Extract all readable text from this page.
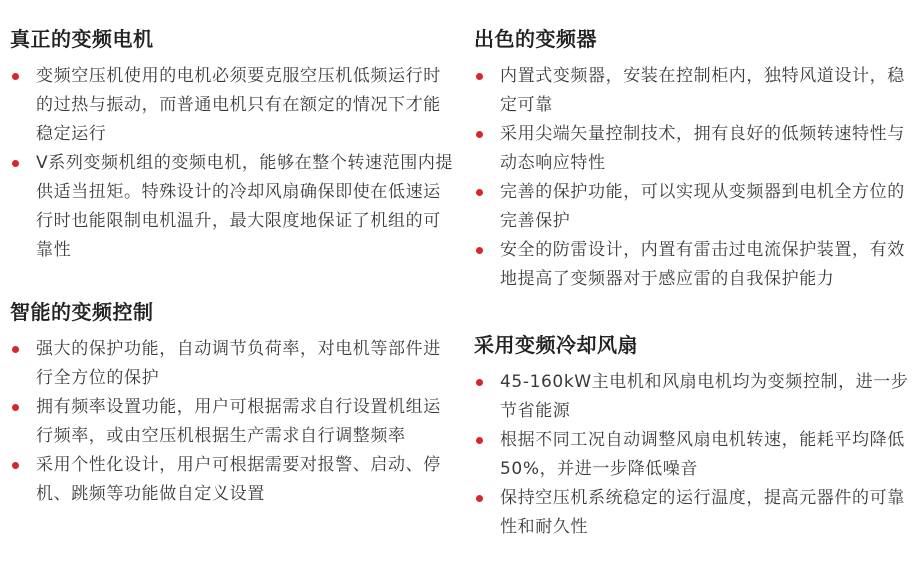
真正的变频电机
变频空压机使用的电机必须要克服空压机低频运行时的过热与振动，而普通电机只有在额定的情况下才能稳定运行
V系列变频机组的变频电机，能够在整个转速范围内提供适当扭矩。特殊设计的冷却风扇确保即使在低速运行时也能限制电机温升，最大限度地保证了机组的可靠性
智能的变频控制
强大的保护功能，自动调节负荷率，对电机等部件进行全方位的保护
拥有频率设置功能，用户可根据需求自行设置机组运行频率，或由空压机根据生产需求自行调整频率
采用个性化设计，用户可根据需要对报警、启动、停机、跳频等功能做自定义设置
出色的变频器
内置式变频器，安装在控制柜内，独特风道设计，稳定可靠
采用尖端矢量控制技术，拥有良好的低频转速特性与动态响应特性
完善的保护功能，可以实现从变频器到电机全方位的完善保护
安全的防雷设计，内置有雷击过电流保护装置，有效地提高了变频器对于感应雷的自我保护能力
采用变频冷却风扇
45-160kW主电机和风扇电机均为变频控制，进一步节省能源
根据不同工况自动调整风扇电机转速，能耗平均降低50%，并进一步降低噪音
保持空压机系统稳定的运行温度，提高元器件的可靠性和耐久性
